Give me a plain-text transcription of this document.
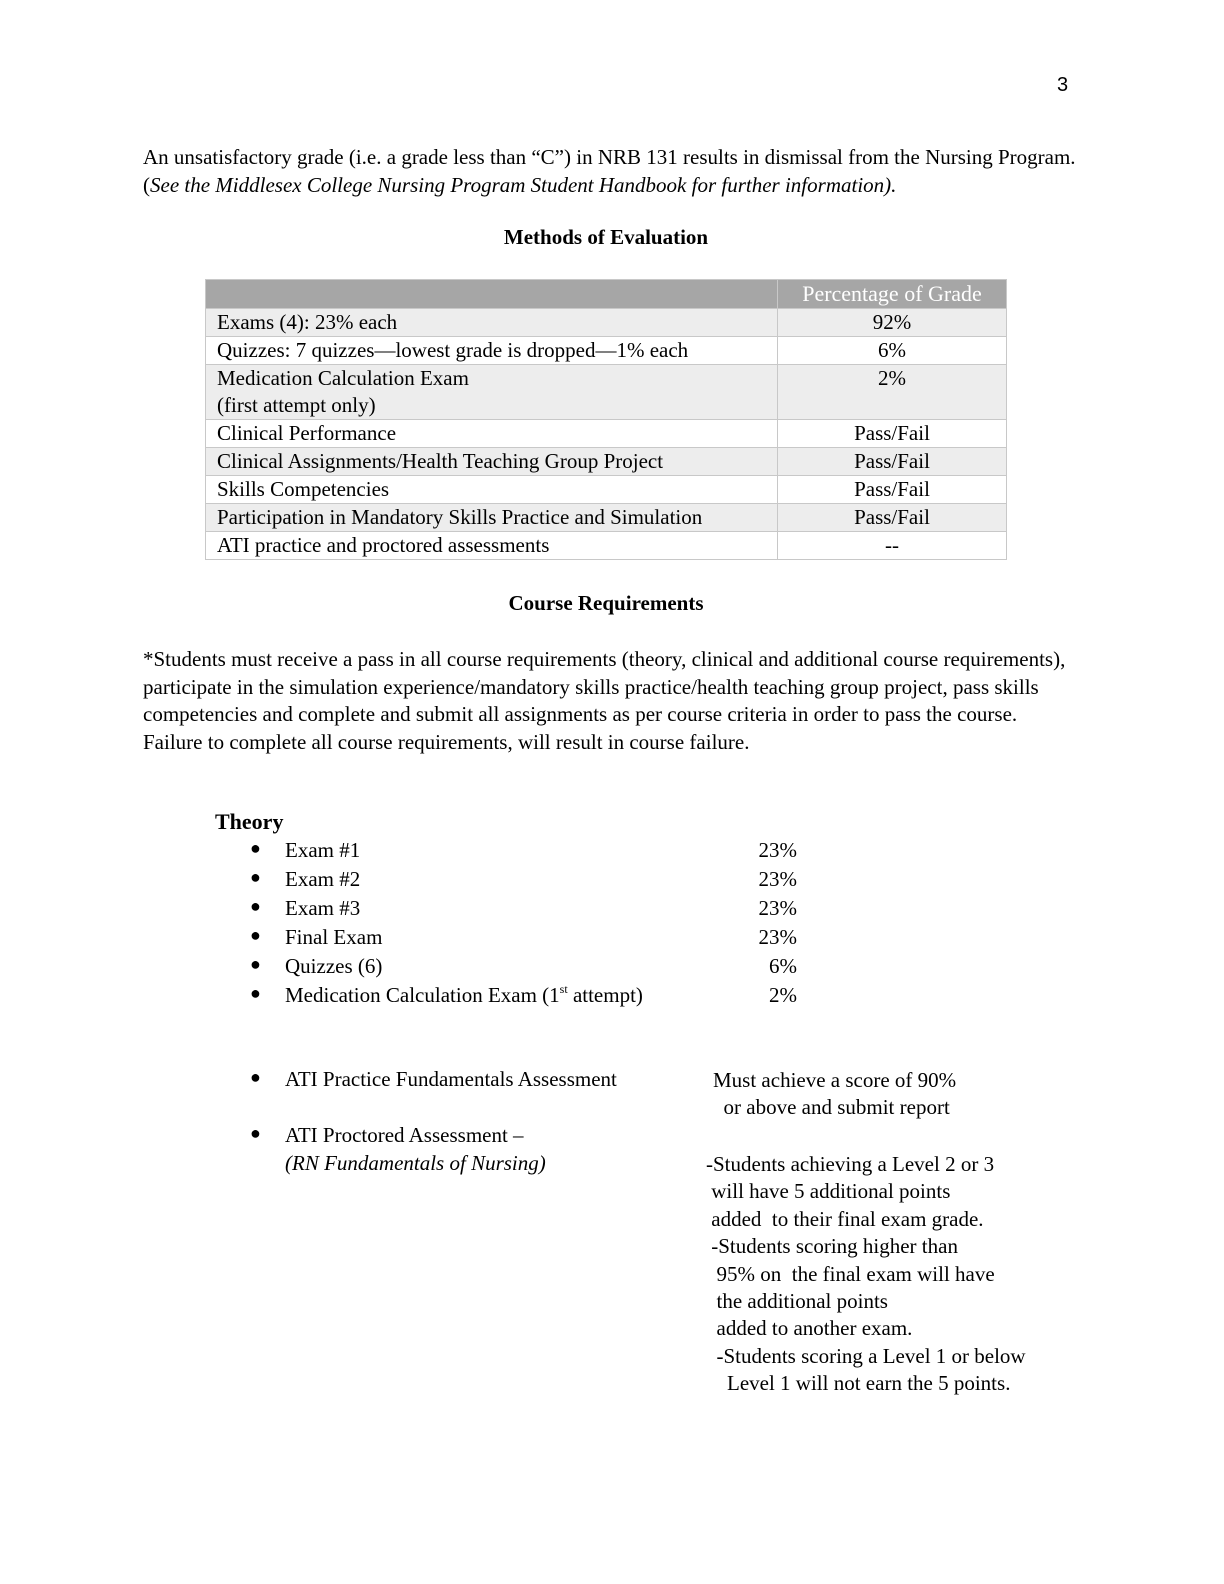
3
An unsatisfactory grade (i.e. a grade less than “C”) in NRB 131 results in dismissal from the Nursing Program. (See the Middlesex College Nursing Program Student Handbook for further information).
Methods of Evaluation
	Percentage of Grade
Exams (4): 23% each	92%
Quizzes: 7 quizzes—lowest grade is dropped—1% each	6%
Medication Calculation Exam
(first attempt only)	2%
Clinical Performance	Pass/Fail
Clinical Assignments/Health Teaching Group Project	Pass/Fail
Skills Competencies	Pass/Fail
Participation in Mandatory Skills Practice and Simulation	Pass/Fail
ATI practice and proctored assessments	--
Course Requirements
*Students must receive a pass in all course requirements (theory, clinical and additional course requirements), participate in the simulation experience/mandatory skills practice/health teaching group project, pass skills competencies and complete and submit all assignments as per course criteria in order to pass the course. Failure to complete all course requirements, will result in course failure.
Theory
● Exam #1	23%
● Exam #2	23%
● Exam #3	23%
● Final Exam	23%
● Quizzes (6)	6%
● Medication Calculation Exam (1st attempt)	2%
● ATI Practice Fundamentals Assessment	Must achieve a score of 90%
or above and submit report
● ATI Proctored Assessment –
(RN Fundamentals of Nursing)	-Students achieving a Level 2 or 3
will have 5 additional points
added  to their final exam grade.
-Students scoring higher than
95% on  the final exam will have
the additional points
added to another exam.
-Students scoring a Level 1 or below
Level 1 will not earn the 5 points.
